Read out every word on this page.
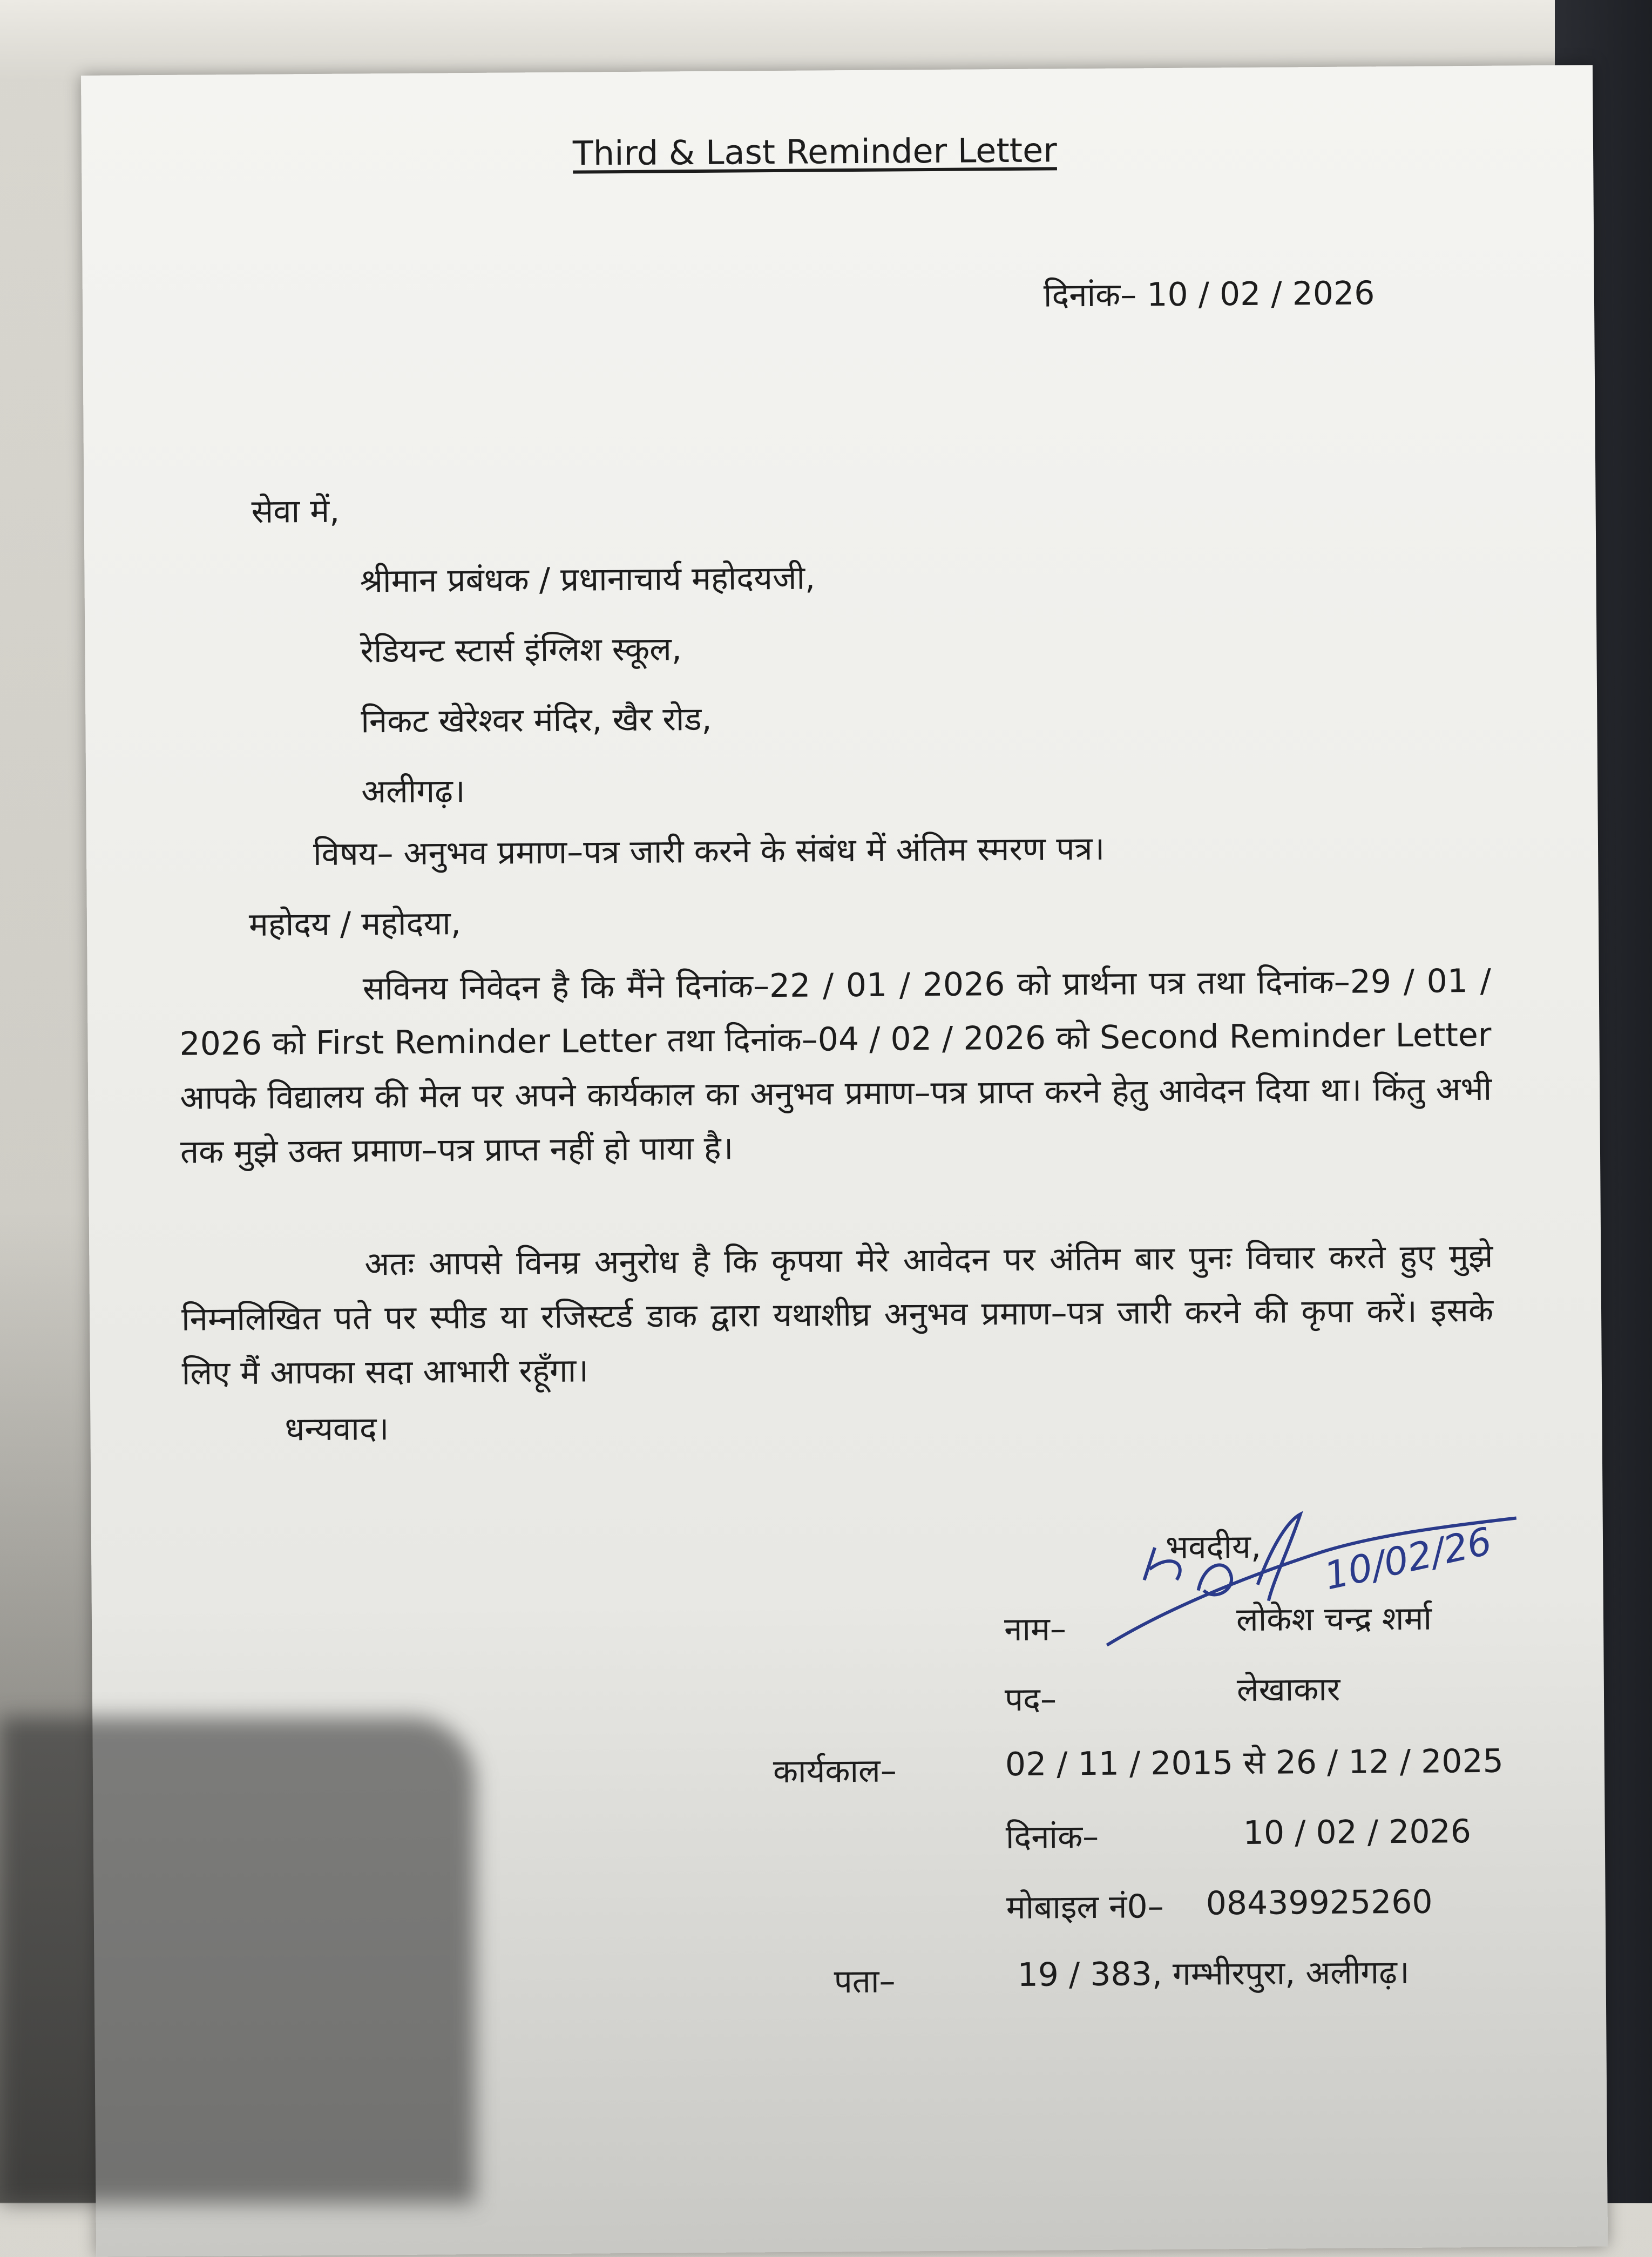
Third & Last Reminder Letter
दिनांक– 10 / 02 / 2026
सेवा में,
श्रीमान प्रबंधक / प्रधानाचार्य महोदयजी,
रेडियन्ट स्टार्स इंग्लिश स्कूल,
निकट खेरेश्वर मंदिर, खैर रोड,
अलीगढ़।
विषय– अनुभव प्रमाण–पत्र जारी करने के संबंध में अंतिम स्मरण पत्र।
महोदय / महोदया,
सविनय निवेदन है कि मैंने दिनांक–22 / 01 / 2026 को प्रार्थना पत्र तथा दिनांक–29 / 01 / 2026 को First Reminder Letter तथा दिनांक–04 / 02 / 2026 को Second Reminder Letter आपके विद्यालय की मेल पर अपने कार्यकाल का अनुभव प्रमाण–पत्र प्राप्त करने हेतु आवेदन दिया था। किंतु अभी तक मुझे उक्त प्रमाण–पत्र प्राप्त नहीं हो पाया है।
अतः आपसे विनम्र अनुरोध है कि कृपया मेरे आवेदन पर अंतिम बार पुनः विचार करते हुए मुझे निम्नलिखित पते पर स्पीड या रजिस्टर्ड डाक द्वारा यथाशीघ्र अनुभव प्रमाण–पत्र जारी करने की कृपा करें। इसके लिए मैं आपका सदा आभारी रहूँगा।
धन्यवाद।
10/02/26
भवदीय,
नाम–	लोकेश चन्द्र शर्मा
पद–	लेखाकार
कार्यकाल–	02 / 11 / 2015 से 26 / 12 / 2025
दिनांक–	10 / 02 / 2026
मोबाइल नं0– 08439925260
पता–	19 / 383, गम्भीरपुरा, अलीगढ़।
